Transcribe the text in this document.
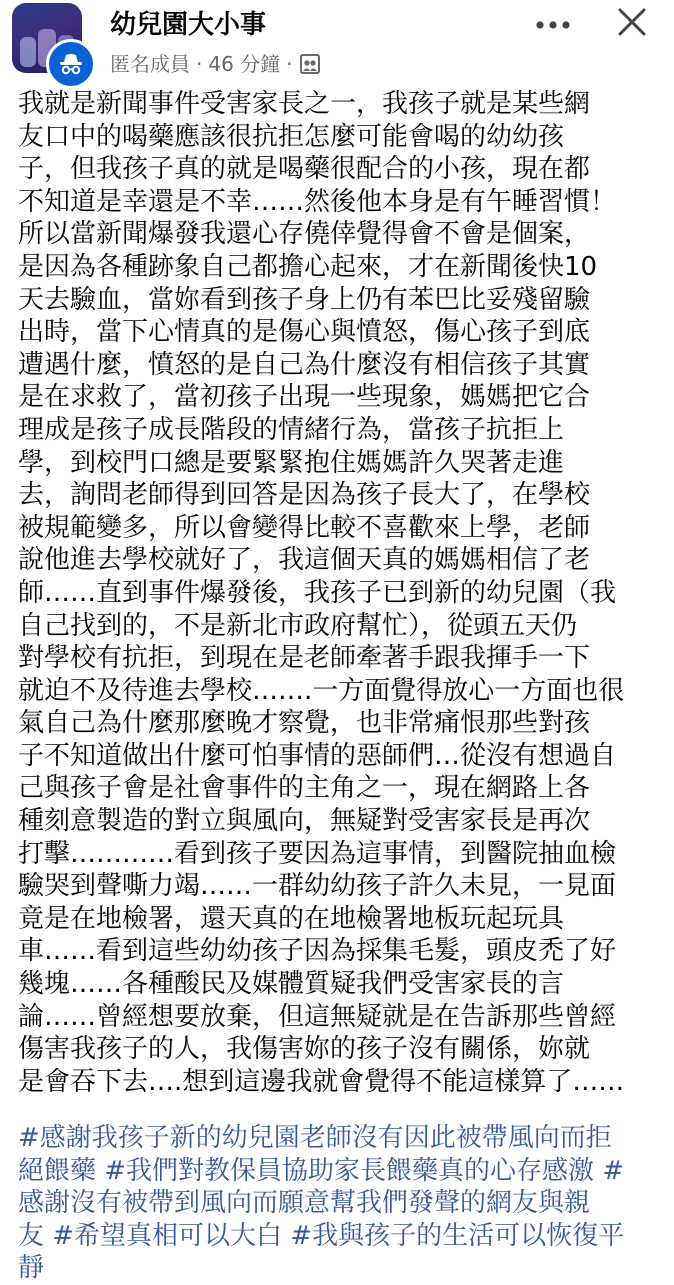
幼兒園大小事
匿名成員 · 46 分鐘 ·
我就是新聞事件受害家長之一，我孩子就是某些網
友口中的喝藥應該很抗拒怎麼可能會喝的幼幼孩
子，但我孩子真的就是喝藥很配合的小孩，現在都
不知道是幸還是不幸……然後他本身是有午睡習慣！
所以當新聞爆發我還心存僥倖覺得會不會是個案，
是因為各種跡象自己都擔心起來，才在新聞後快10
天去驗血，當妳看到孩子身上仍有苯巴比妥殘留驗
出時，當下心情真的是傷心與憤怒，傷心孩子到底
遭遇什麼，憤怒的是自己為什麼沒有相信孩子其實
是在求救了，當初孩子出現一些現象，媽媽把它合
理成是孩子成長階段的情緒行為，當孩子抗拒上
學，到校門口總是要緊緊抱住媽媽許久哭著走進
去，詢問老師得到回答是因為孩子長大了，在學校
被規範變多，所以會變得比較不喜歡來上學，老師
說他進去學校就好了，我這個天真的媽媽相信了老
師……直到事件爆發後，我孩子已到新的幼兒園（我
自己找到的，不是新北市政府幫忙），從頭五天仍
對學校有抗拒，到現在是老師牽著手跟我揮手一下
就迫不及待進去學校…….一方面覺得放心一方面也很
氣自己為什麼那麼晚才察覺，也非常痛恨那些對孩
子不知道做出什麼可怕事情的惡師們…從沒有想過自
己與孩子會是社會事件的主角之一，現在網路上各
種刻意製造的對立與風向，無疑對受害家長是再次
打擊…………看到孩子要因為這事情，到醫院抽血檢
驗哭到聲嘶力竭……一群幼幼孩子許久未見，一見面
竟是在地檢署，還天真的在地檢署地板玩起玩具
車……看到這些幼幼孩子因為採集毛髮，頭皮禿了好
幾塊……各種酸民及媒體質疑我們受害家長的言
論……曾經想要放棄，但這無疑就是在告訴那些曾經
傷害我孩子的人，我傷害妳的孩子沒有關係，妳就
是會吞下去….想到這邊我就會覺得不能這樣算了……
#感謝我孩子新的幼兒園老師沒有因此被帶風向而拒
絕餵藥 #我們對教保員協助家長餵藥真的心存感激 #
感謝沒有被帶到風向而願意幫我們發聲的網友與親
友 #希望真相可以大白 #我與孩子的生活可以恢復平
靜
